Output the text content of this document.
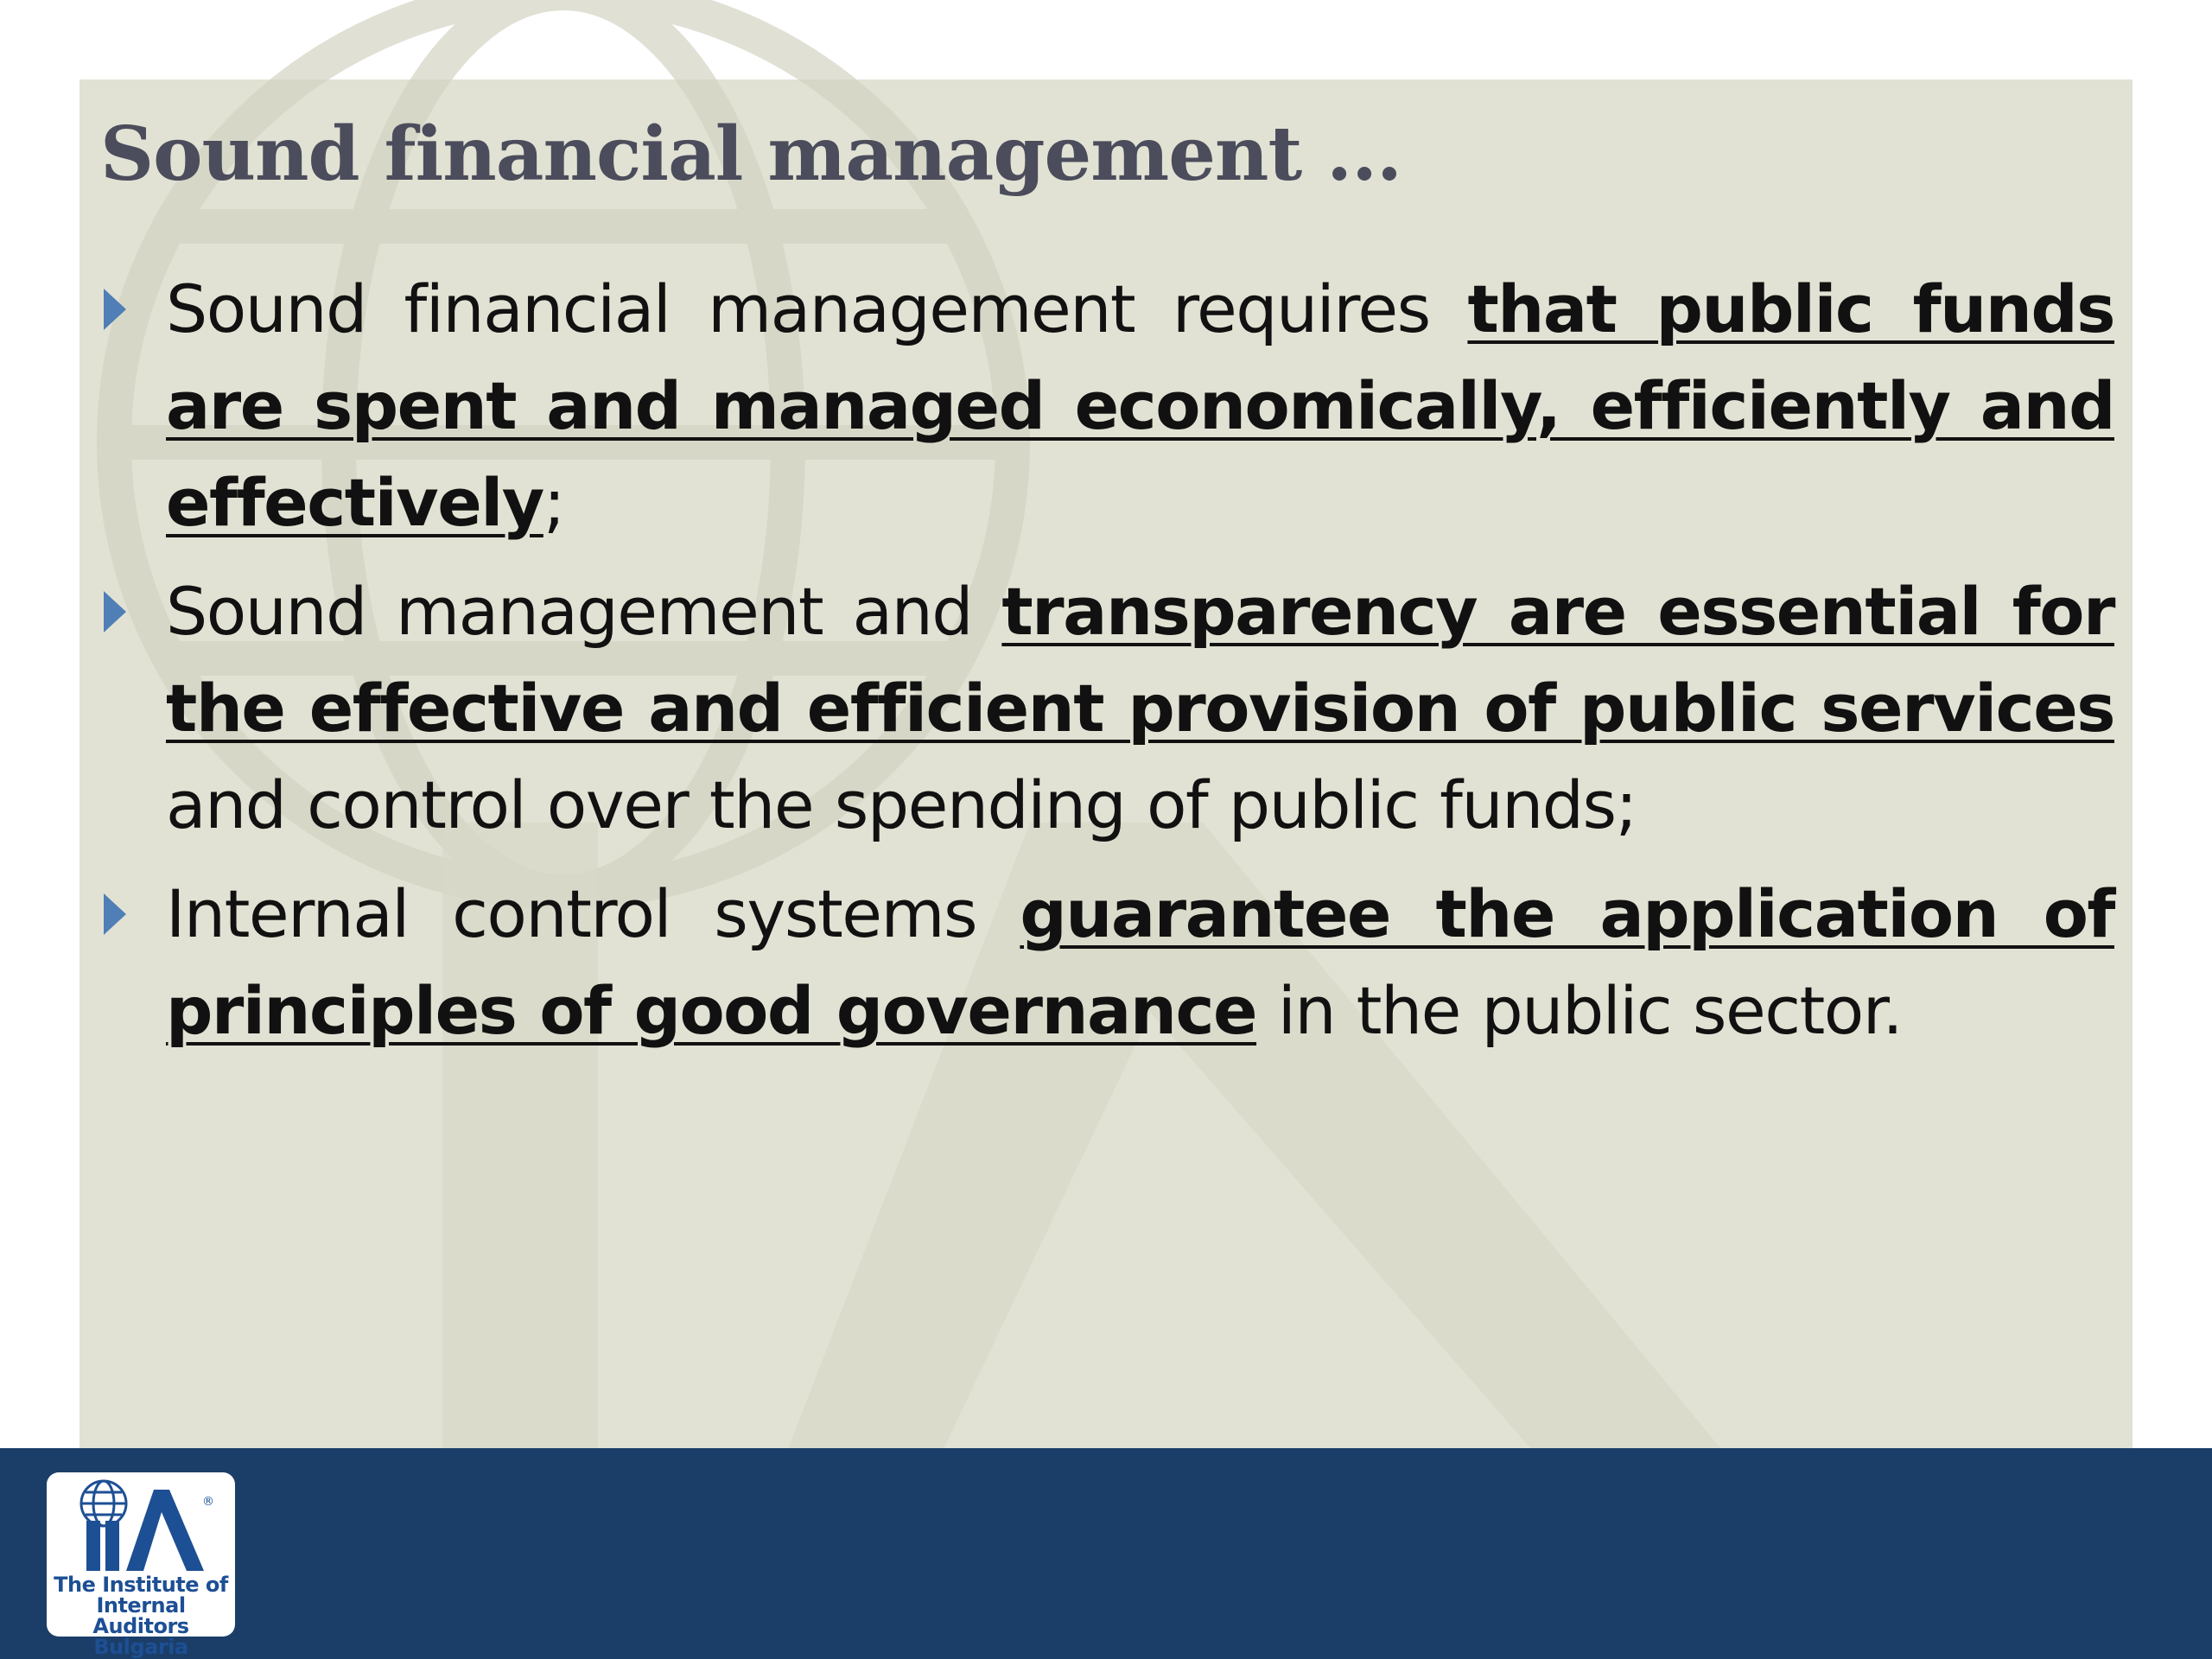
Sound financial management ...

Sound financial management requires that public funds are spent and managed economically, efficiently and effectively;

Sound management and transparency are essential for the effective and efficient provision of public services and control over the spending of public funds;

Internal control systems guarantee the application of principles of good governance in the public sector.

®
The Institute of
Internal Auditors
Bulgaria
